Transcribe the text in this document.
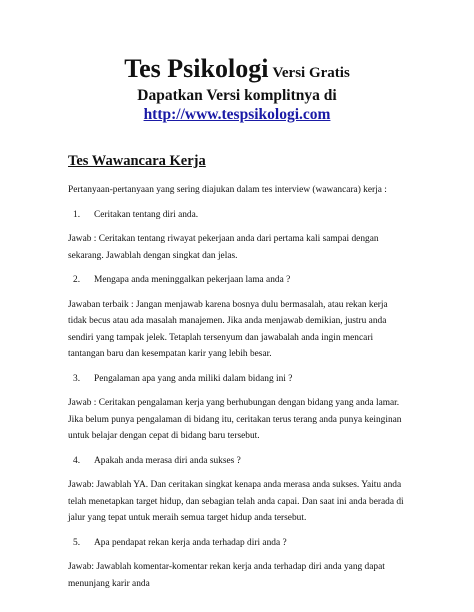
Tes Psikologi Versi Gratis
Dapatkan Versi komplitnya di
http://www.tespsikologi.com
Tes Wawancara Kerja

Pertanyaan-pertanyaan yang sering diajukan dalam tes interview (wawancara) kerja :

1. Ceritakan tentang diri anda.

Jawab : Ceritakan tentang riwayat pekerjaan anda dari pertama kali sampai dengan sekarang. Jawablah dengan singkat dan jelas.

2. Mengapa anda meninggalkan pekerjaan lama anda ?

Jawaban terbaik : Jangan menjawab karena bosnya dulu bermasalah, atau rekan kerja tidak becus atau ada masalah manajemen. Jika anda menjawab demikian, justru anda sendiri yang tampak jelek. Tetaplah tersenyum dan jawabalah anda ingin mencari tantangan baru dan kesempatan karir yang lebih besar.

3. Pengalaman apa yang anda miliki dalam bidang ini ?

Jawab : Ceritakan pengalaman kerja yang berhubungan dengan bidang yang anda lamar. Jika belum punya pengalaman di bidang itu, ceritakan terus terang anda punya keinginan untuk belajar dengan cepat di bidang baru tersebut.

4. Apakah anda merasa diri anda sukses ?

Jawab: Jawablah YA. Dan ceritakan singkat kenapa anda merasa anda sukses. Yaitu anda telah menetapkan target hidup, dan sebagian telah anda capai. Dan saat ini anda berada di jalur yang tepat untuk meraih semua target hidup anda tersebut.

5. Apa pendapat rekan kerja anda terhadap diri anda ?

Jawab: Jawablah komentar-komentar rekan kerja anda terhadap diri anda yang dapat menunjang karir anda
